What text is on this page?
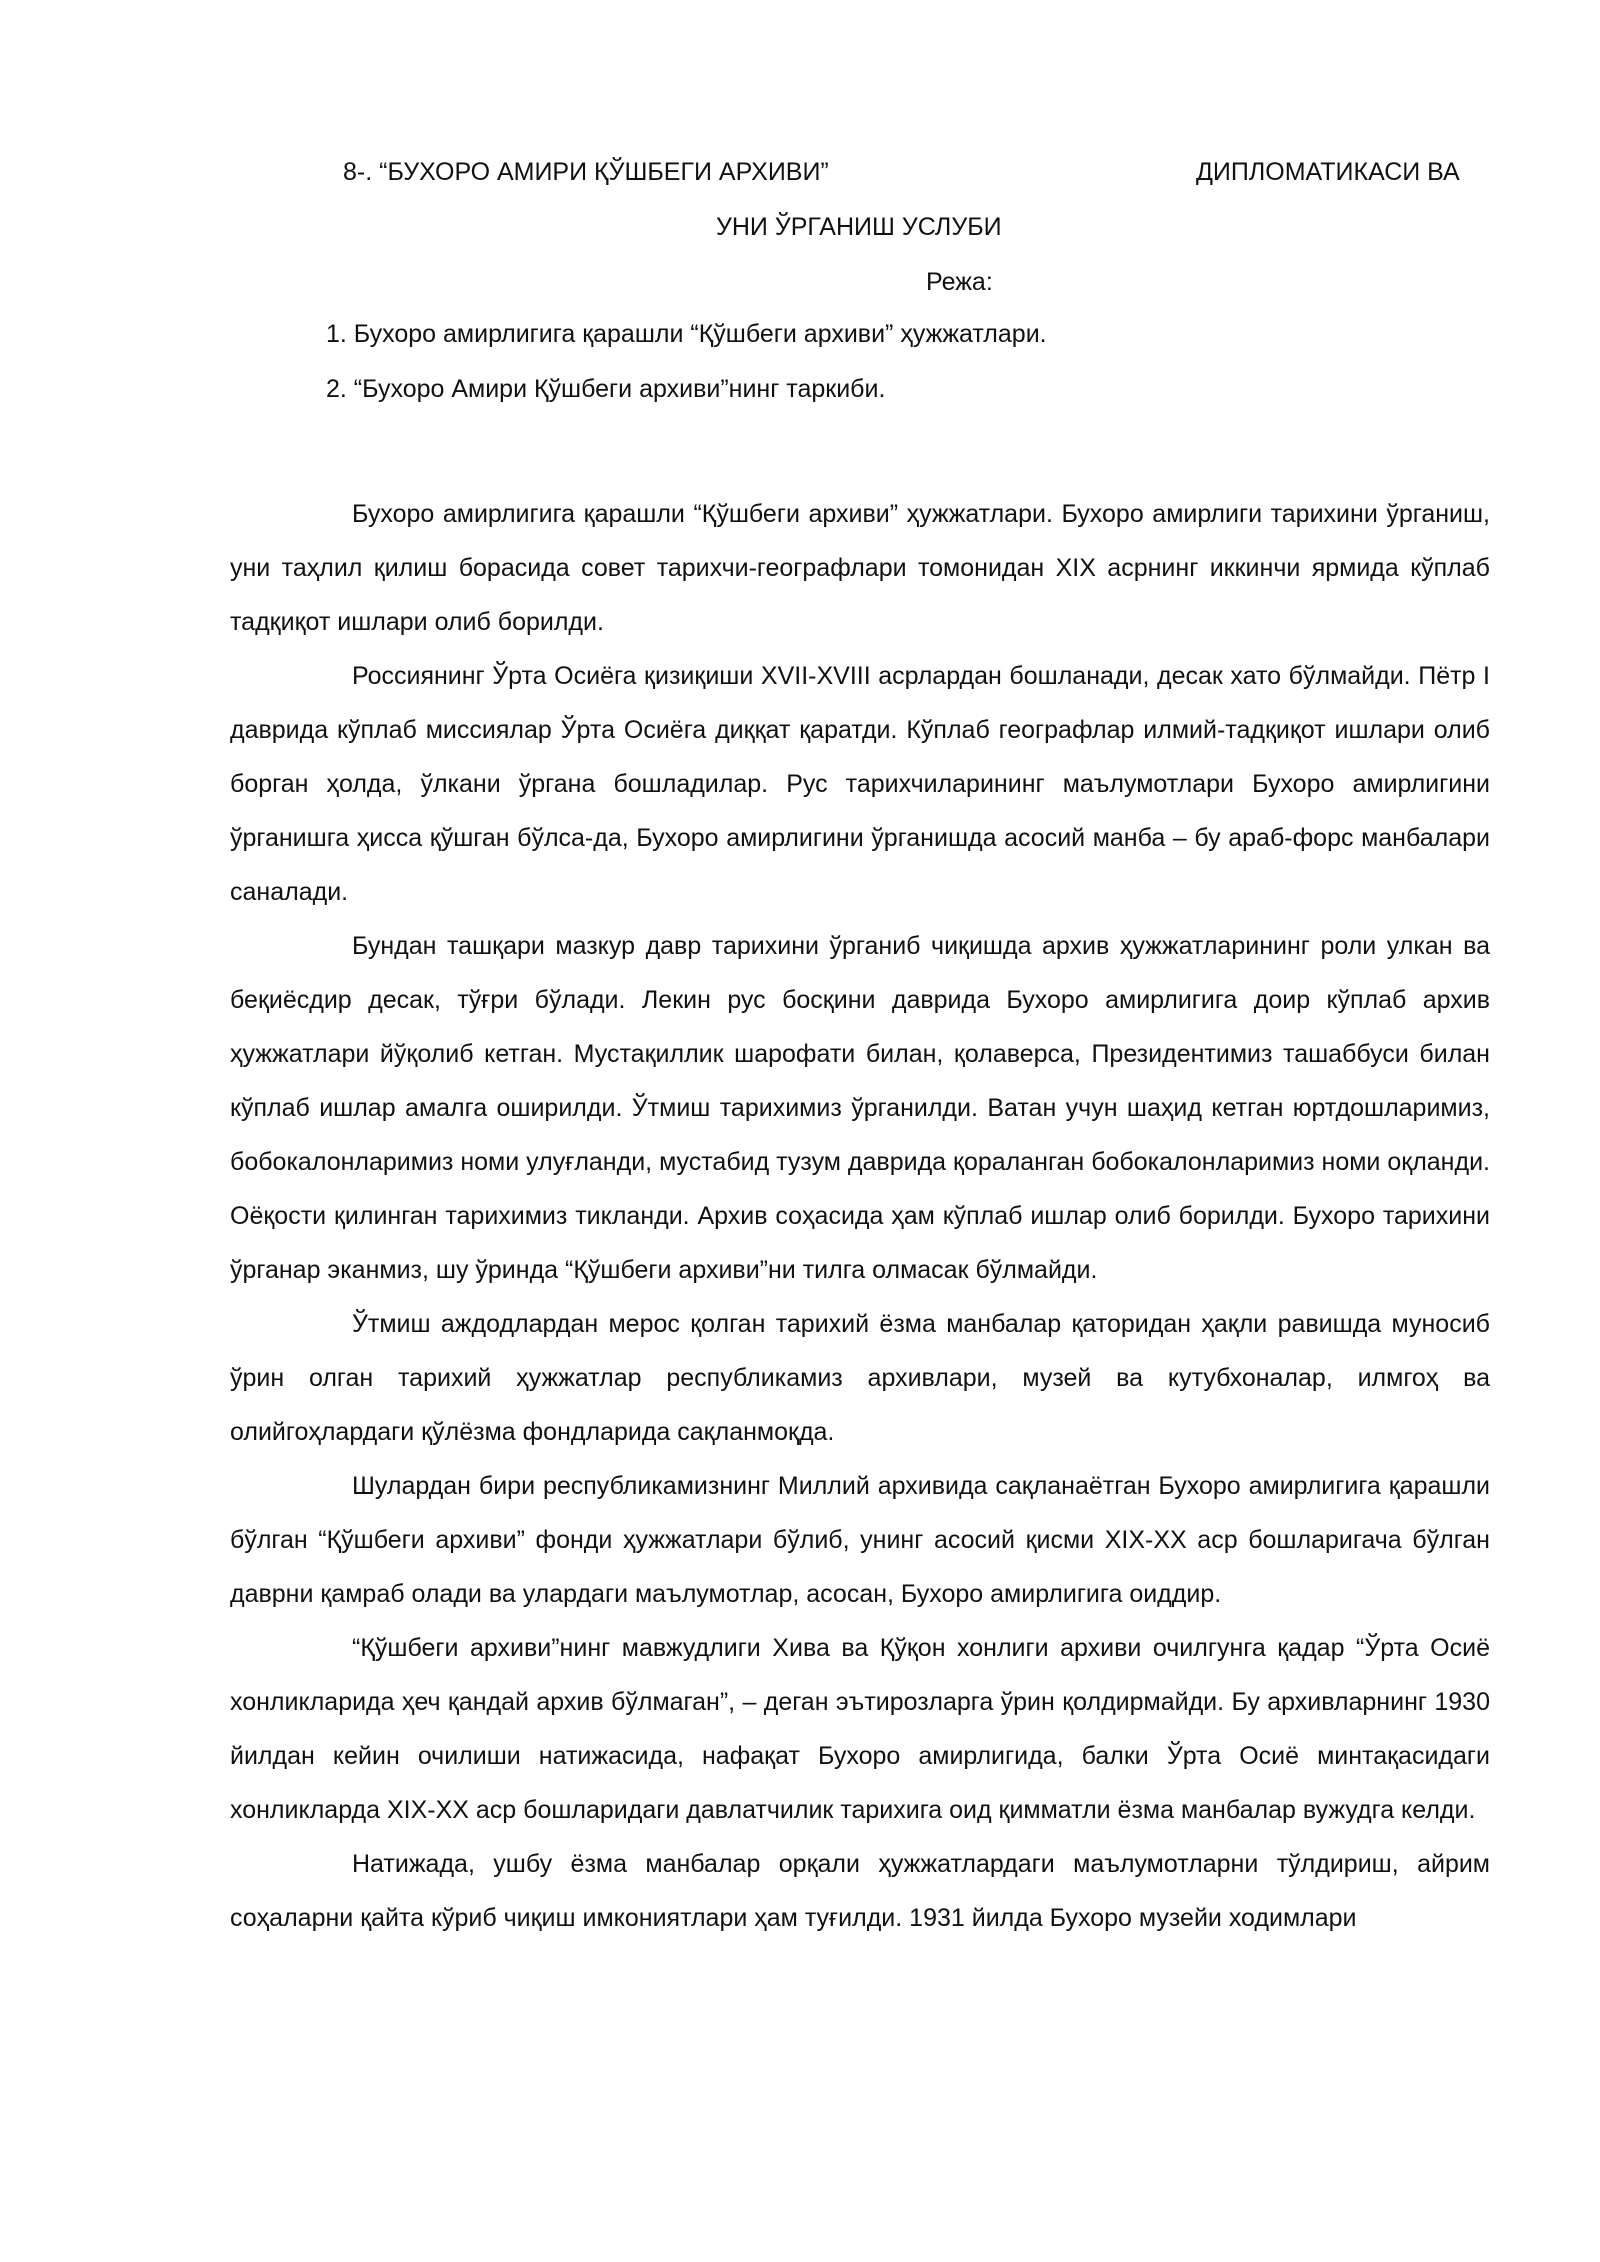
8-. “БУХОРО АМИРИ ҚЎШБЕГИ АРХИВИ”	ДИПЛОМАТИКАСИ ВА
УНИ ЎРГАНИШ УСЛУБИ
Режа:
1. Бухоро амирлигига қарашли “Қўшбеги архиви” ҳужжатлари.
2. “Бухоро Амири Қўшбеги архиви”нинг таркиби.

Бухоро амирлигига қарашли “Қўшбеги архиви” ҳужжатлари. Бухоро амирлиги тарихини ўрганиш, уни таҳлил қилиш борасида совет тарихчи-географлари томонидан XIX асрнинг иккинчи ярмида кўплаб тадқиқот ишлари олиб борилди.

Россиянинг Ўрта Осиёга қизиқиши XVII-XVIII асрлардан бошланади, десак хато бўлмайди. Пётр I даврида кўплаб миссиялар Ўрта Осиёга диққат қаратди. Кўплаб географлар илмий-тадқиқот ишлари олиб борган ҳолда, ўлкани ўргана бошладилар. Рус тарихчиларининг маълумотлари Бухоро амирлигини ўрганишга ҳисса қўшган бўлса-да, Бухоро амирлигини ўрганишда асосий манба – бу араб-форс манбалари саналади.

Бундан ташқари мазкур давр тарихини ўрганиб чиқишда архив ҳужжатларининг роли улкан ва беқиёсдир десак, тўғри бўлади. Лекин рус босқини даврида Бухоро амирлигига доир кўплаб архив ҳужжатлари йўқолиб кетган. Мустақиллик шарофати билан, қолаверса, Президентимиз ташаббуси билан кўплаб ишлар амалга оширилди. Ўтмиш тарихимиз ўрганилди. Ватан учун шаҳид кетган юртдошларимиз, бобокалонларимиз номи улуғланди, мустабид тузум даврида қораланган бобокалонларимиз номи оқланди. Оёқости қилинган тарихимиз тикланди. Архив соҳасида ҳам кўплаб ишлар олиб борилди. Бухоро тарихини ўрганар эканмиз, шу ўринда “Қўшбеги архиви”ни тилга олмасак бўлмайди.

Ўтмиш аждодлардан мерос қолган тарихий ёзма манбалар қаторидан ҳақли равишда муносиб ўрин олган тарихий ҳужжатлар республикамиз архивлари, музей ва кутубхоналар, илмгоҳ ва олийгоҳлардаги қўлёзма фондларида сақланмоқда.

Шулардан бири республикамизнинг Миллий архивида сақланаётган Бухоро амирлигига қарашли бўлган “Қўшбеги архиви” фонди ҳужжатлари бўлиб, унинг асосий қисми XIX-XX аср бошларигача бўлган даврни қамраб олади ва улардаги маълумотлар, асосан, Бухоро амирлигига оиддир.

“Қўшбеги архиви”нинг мавжудлиги Хива ва Қўқон хонлиги архиви очилгунга қадар “Ўрта Осиё хонликларида ҳеч қандай архив бўлмаган”, – деган эътирозларга ўрин қолдирмайди. Бу архивларнинг 1930 йилдан кейин очилиши натижасида, нафақат Бухоро амирлигида, балки Ўрта Осиё минтақасидаги хонликларда XIX-XX аср бошларидаги давлатчилик тарихига оид қимматли ёзма манбалар вужудга келди.

Натижада, ушбу ёзма манбалар орқали ҳужжатлардаги маълумотларни тўлдириш, айрим соҳаларни қайта кўриб чиқиш имкониятлари ҳам туғилди. 1931 йилда Бухоро музейи ходимлари
